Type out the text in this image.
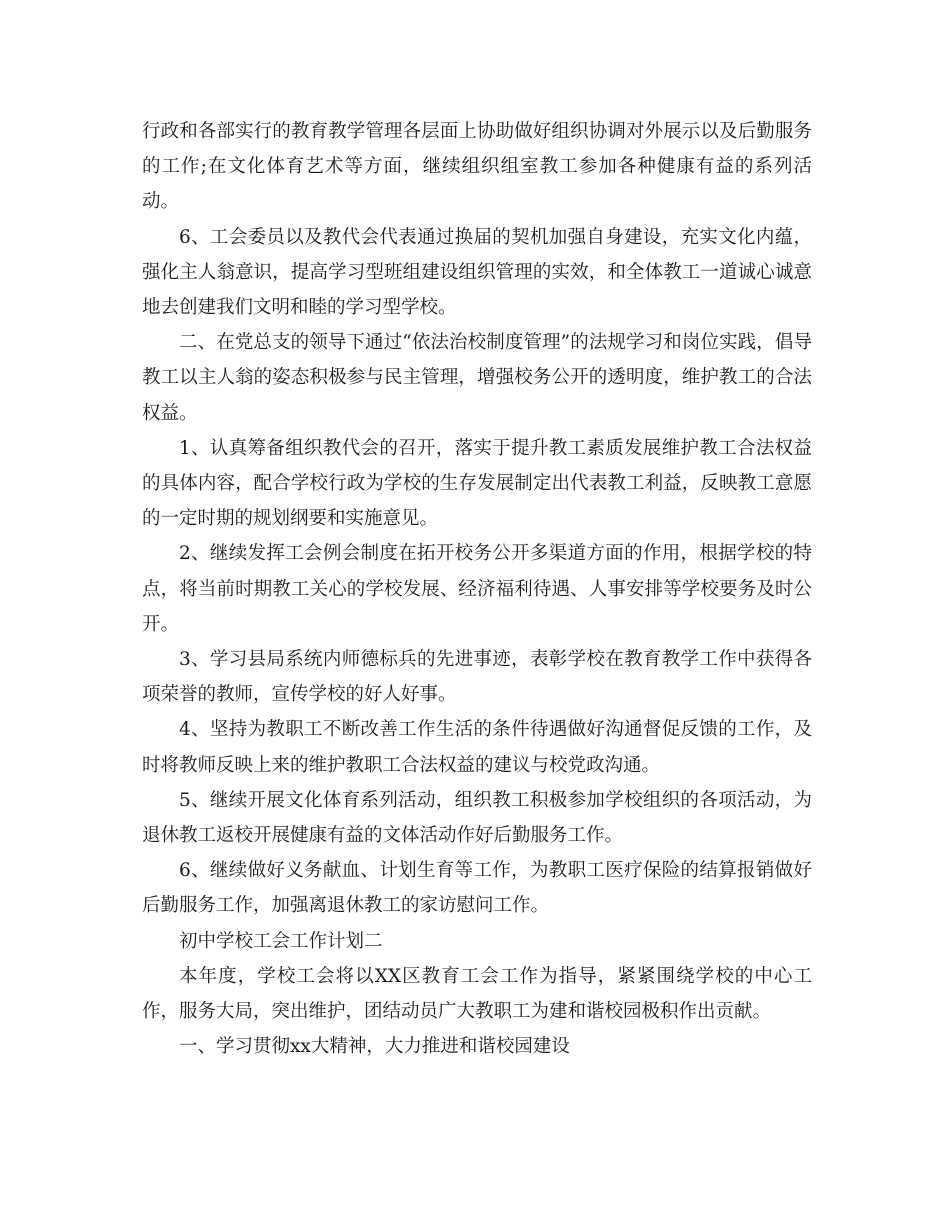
行政和各部实行的教育教学管理各层面上协助做好组织协调对外展示以及后勤服务的工作;在文化体育艺术等方面，继续组织组室教工参加各种健康有益的系列活动。

6、工会委员以及教代会代表通过换届的契机加强自身建设，充实文化内蕴，强化主人翁意识，提高学习型班组建设组织管理的实效，和全体教工一道诚心诚意地去创建我们文明和睦的学习型学校。

二、在党总支的领导下通过“依法治校制度管理”的法规学习和岗位实践，倡导教工以主人翁的姿态积极参与民主管理，增强校务公开的透明度，维护教工的合法权益。

1、认真筹备组织教代会的召开，落实于提升教工素质发展维护教工合法权益的具体内容，配合学校行政为学校的生存发展制定出代表教工利益，反映教工意愿的一定时期的规划纲要和实施意见。

2、继续发挥工会例会制度在拓开校务公开多渠道方面的作用，根据学校的特点，将当前时期教工关心的学校发展、经济福利待遇、人事安排等学校要务及时公开。

3、学习县局系统内师德标兵的先进事迹，表彰学校在教育教学工作中获得各项荣誉的教师，宣传学校的好人好事。

4、坚持为教职工不断改善工作生活的条件待遇做好沟通督促反馈的工作，及时将教师反映上来的维护教职工合法权益的建议与校党政沟通。

5、继续开展文化体育系列活动，组织教工积极参加学校组织的各项活动，为退休教工返校开展健康有益的文体活动作好后勤服务工作。

6、继续做好义务献血、计划生育等工作，为教职工医疗保险的结算报销做好后勤服务工作，加强离退休教工的家访慰问工作。

初中学校工会工作计划二

本年度，学校工会将以XX区教育工会工作为指导，紧紧围绕学校的中心工作，服务大局，突出维护，团结动员广大教职工为建和谐校园极积作出贡献。

一、学习贯彻xx大精神，大力推进和谐校园建设
